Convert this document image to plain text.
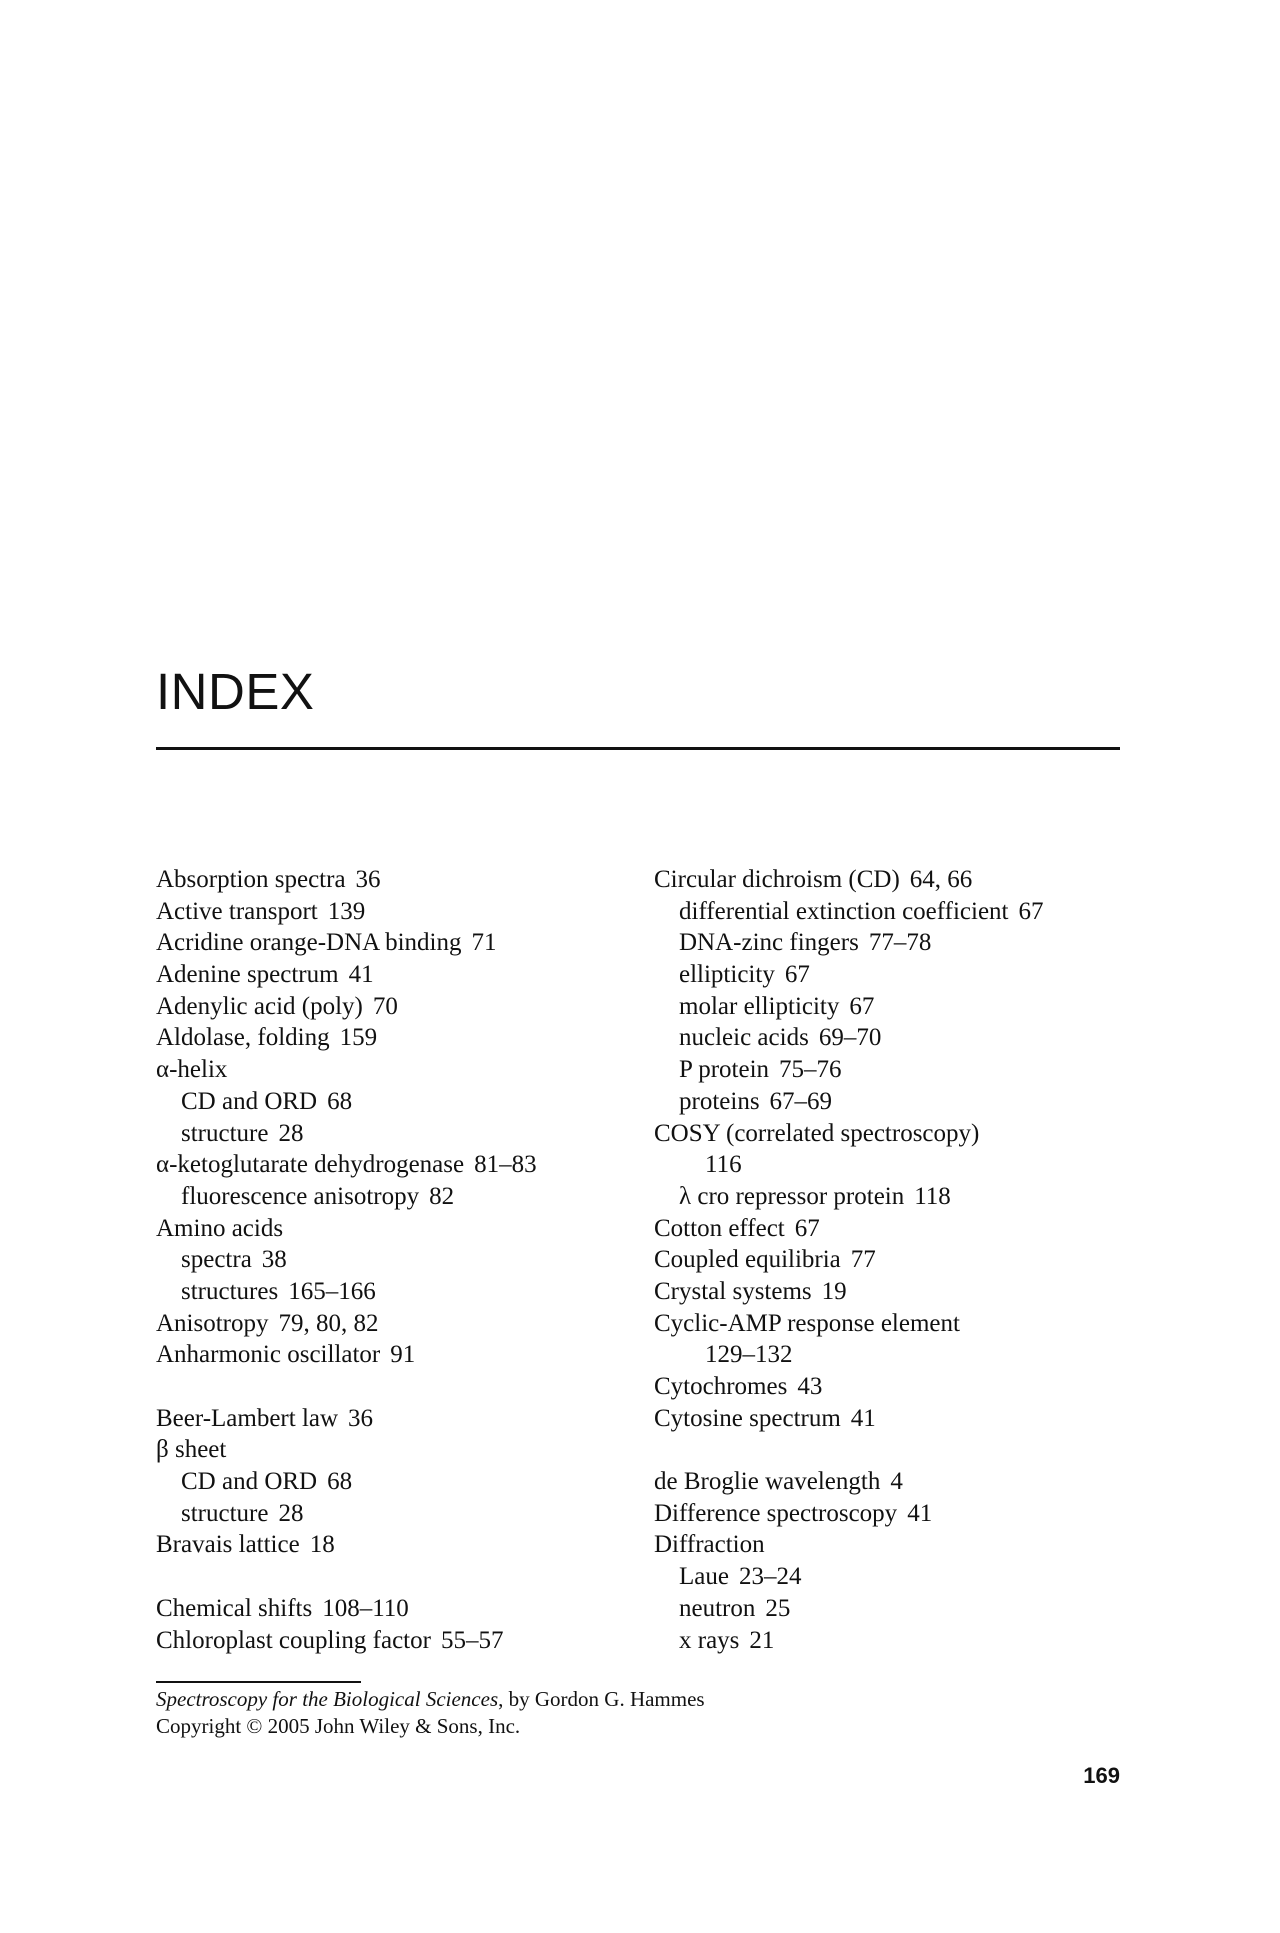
INDEX
Absorption spectra 36
Active transport 139
Acridine orange-DNA binding 71
Adenine spectrum 41
Adenylic acid (poly) 70
Aldolase, folding 159
α-helix
CD and ORD 68
structure 28
α-ketoglutarate dehydrogenase 81–83
fluorescence anisotropy 82
Amino acids
spectra 38
structures 165–166
Anisotropy 79, 80, 82
Anharmonic oscillator 91
Beer-Lambert law 36
β sheet
CD and ORD 68
structure 28
Bravais lattice 18
Chemical shifts 108–110
Chloroplast coupling factor 55–57
Circular dichroism (CD) 64, 66
differential extinction coefficient 67
DNA-zinc fingers 77–78
ellipticity 67
molar ellipticity 67
nucleic acids 69–70
P protein 75–76
proteins 67–69
COSY (correlated spectroscopy)
116
λ cro repressor protein 118
Cotton effect 67
Coupled equilibria 77
Crystal systems 19
Cyclic-AMP response element
129–132
Cytochromes 43
Cytosine spectrum 41
de Broglie wavelength 4
Difference spectroscopy 41
Diffraction
Laue 23–24
neutron 25
x rays 21
Spectroscopy for the Biological Sciences, by Gordon G. Hammes
Copyright © 2005 John Wiley & Sons, Inc.
169
